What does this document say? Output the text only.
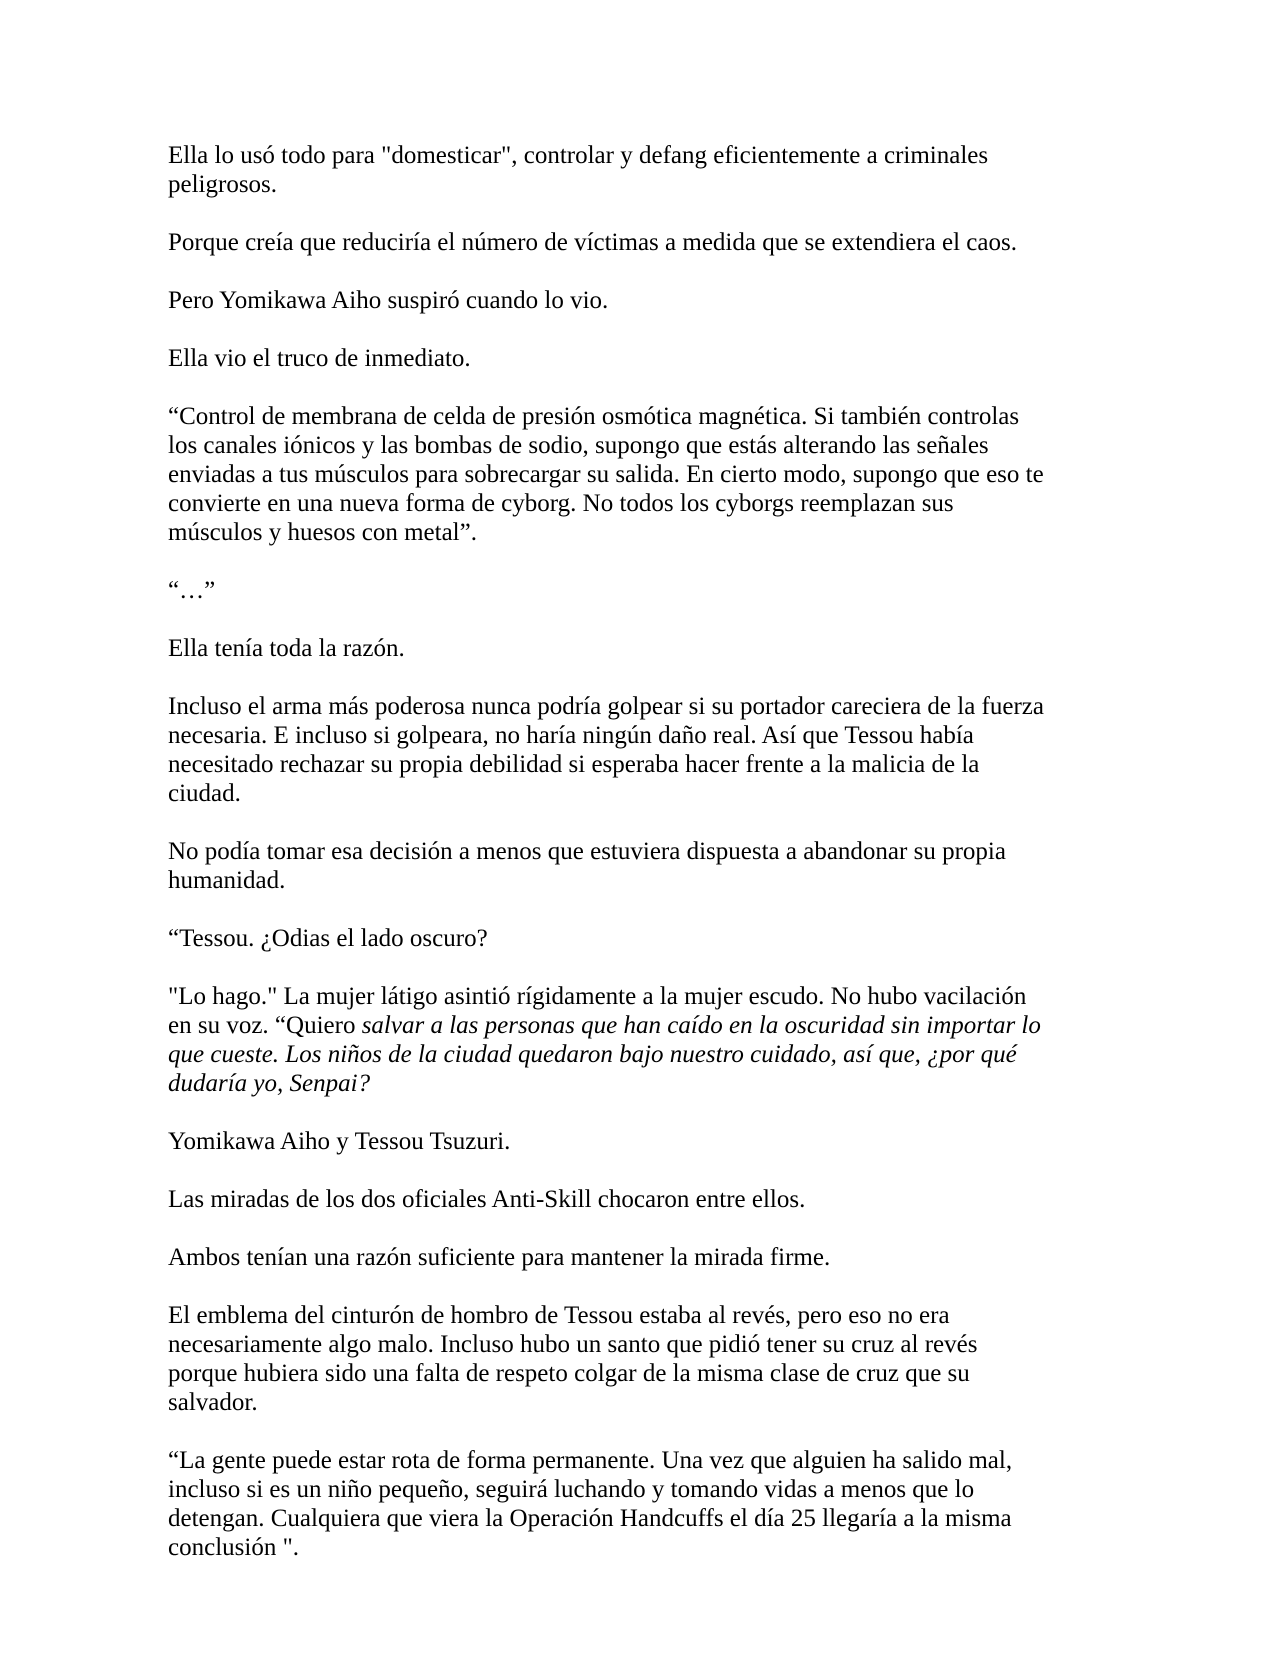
Ella lo usó todo para "domesticar", controlar y defang eficientemente a criminales peligrosos.

Porque creía que reduciría el número de víctimas a medida que se extendiera el caos.

Pero Yomikawa Aiho suspiró cuando lo vio.

Ella vio el truco de inmediato.

“Control de membrana de celda de presión osmótica magnética. Si también controlas los canales iónicos y las bombas de sodio, supongo que estás alterando las señales enviadas a tus músculos para sobrecargar su salida. En cierto modo, supongo que eso te convierte en una nueva forma de cyborg. No todos los cyborgs reemplazan sus músculos y huesos con metal”.

“…”

Ella tenía toda la razón.

Incluso el arma más poderosa nunca podría golpear si su portador careciera de la fuerza necesaria. E incluso si golpeara, no haría ningún daño real. Así que Tessou había necesitado rechazar su propia debilidad si esperaba hacer frente a la malicia de la ciudad.

No podía tomar esa decisión a menos que estuviera dispuesta a abandonar su propia humanidad.

“Tessou. ¿Odias el lado oscuro?

"Lo hago." La mujer látigo asintió rígidamente a la mujer escudo. No hubo vacilación en su voz. “Quiero salvar a las personas que han caído en la oscuridad sin importar lo que cueste. Los niños de la ciudad quedaron bajo nuestro cuidado, así que, ¿por qué dudaría yo, Senpai?

Yomikawa Aiho y Tessou Tsuzuri.

Las miradas de los dos oficiales Anti-Skill chocaron entre ellos.

Ambos tenían una razón suficiente para mantener la mirada firme.

El emblema del cinturón de hombro de Tessou estaba al revés, pero eso no era necesariamente algo malo. Incluso hubo un santo que pidió tener su cruz al revés porque hubiera sido una falta de respeto colgar de la misma clase de cruz que su salvador.

“La gente puede estar rota de forma permanente. Una vez que alguien ha salido mal, incluso si es un niño pequeño, seguirá luchando y tomando vidas a menos que lo detengan. Cualquiera que viera la Operación Handcuffs el día 25 llegaría a la misma conclusión ".
